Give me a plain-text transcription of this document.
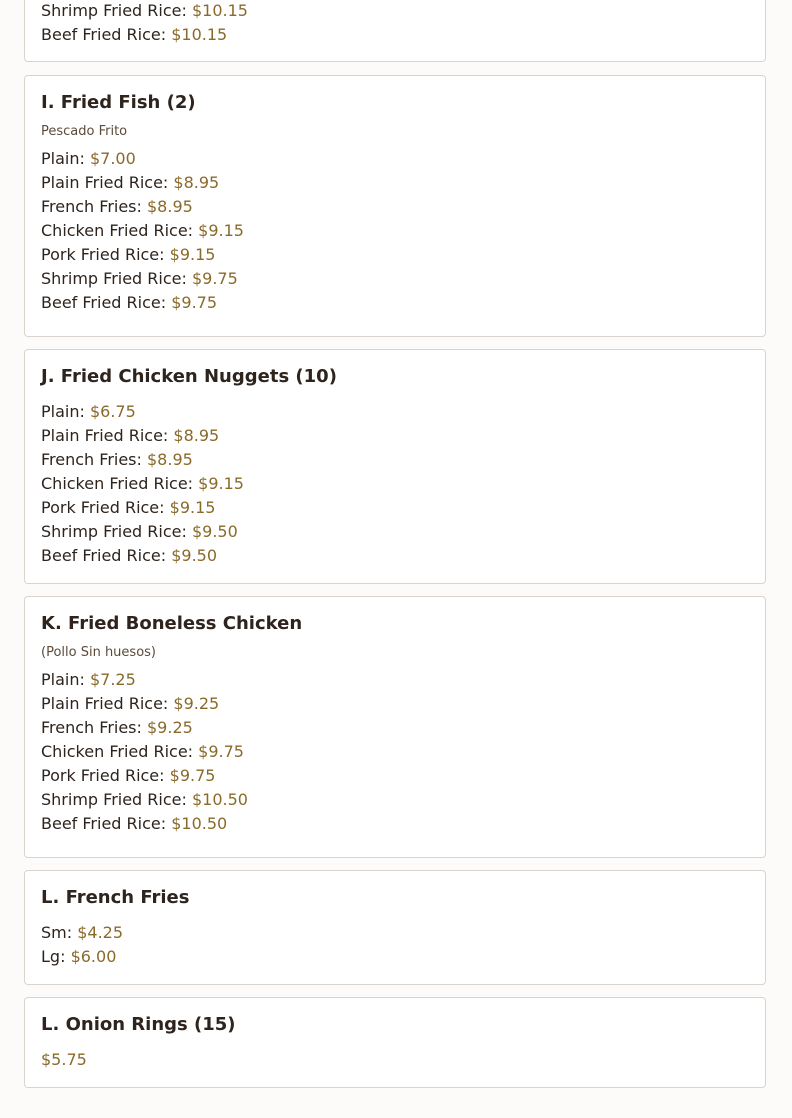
Shrimp Fried Rice: $10.15
Beef Fried Rice: $10.15
I. Fried Fish (2)

Pescado Frito

Plain: $7.00
Plain Fried Rice: $8.95
French Fries: $8.95
Chicken Fried Rice: $9.15
Pork Fried Rice: $9.15
Shrimp Fried Rice: $9.75
Beef Fried Rice: $9.75
J. Fried Chicken Nuggets (10)
Plain: $6.75
Plain Fried Rice: $8.95
French Fries: $8.95
Chicken Fried Rice: $9.15
Pork Fried Rice: $9.15
Shrimp Fried Rice: $9.50
Beef Fried Rice: $9.50
K. Fried Boneless Chicken

(Pollo Sin huesos)

Plain: $7.25
Plain Fried Rice: $9.25
French Fries: $9.25
Chicken Fried Rice: $9.75
Pork Fried Rice: $9.75
Shrimp Fried Rice: $10.50
Beef Fried Rice: $10.50
L. French Fries
Sm: $4.25
Lg: $6.00
L. Onion Rings (15)
$5.75
